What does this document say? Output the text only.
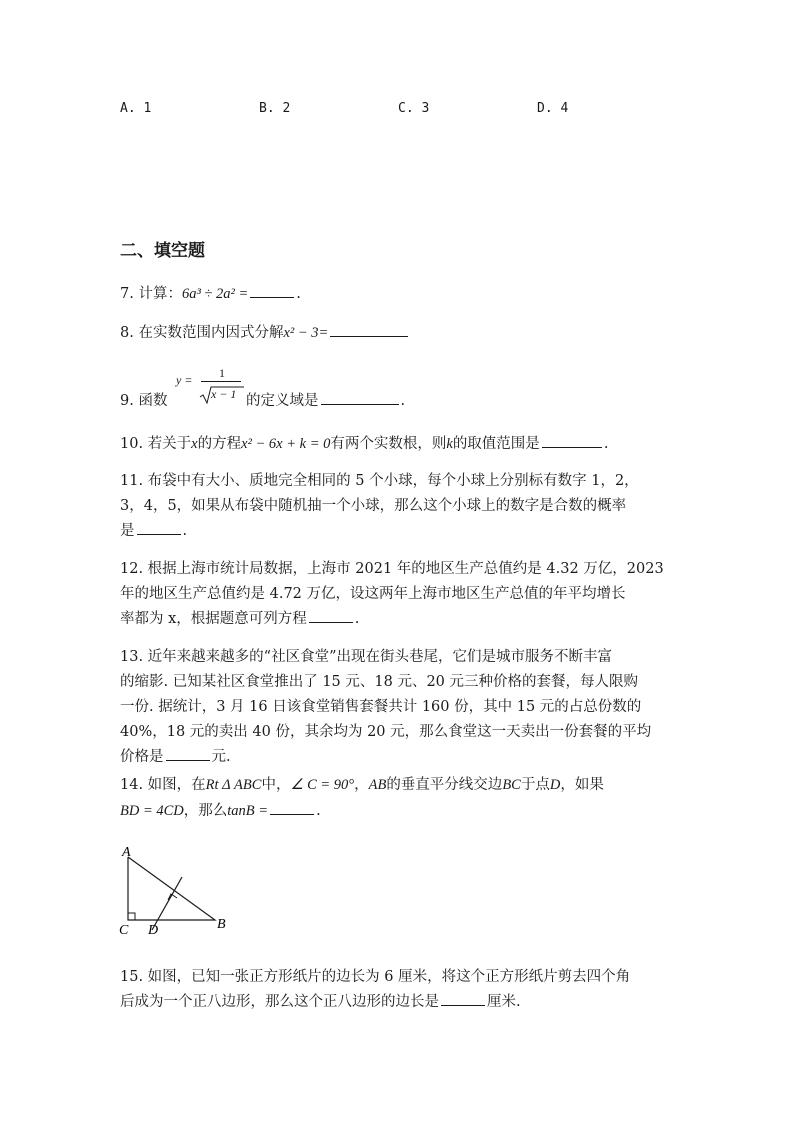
A. 1	B. 2	C. 3	D. 4
二、填空题
7. 计算：6a³ ÷ 2a² =	.
8. 在实数范围内因式分解x² − 3=
y = 1
x − 1
9. 函数	的定义域是	.
10. 若关于x的方程x² − 6x + k = 0有两个实数根，则k的取值范围是	.
11. 布袋中有大小、质地完全相同的 5 个小球，每个小球上分别标有数字 1，2，
3，4，5，如果从布袋中随机抽一个小球，那么这个小球上的数字是合数的概率
是	.
12. 根据上海市统计局数据，上海市 2021 年的地区生产总值约是 4.32 万亿，2023
年的地区生产总值约是 4.72 万亿，设这两年上海市地区生产总值的年平均增长
率都为 x，根据题意可列方程	.
13. 近年来越来越多的“社区食堂”出现在街头巷尾，它们是城市服务不断丰富
的缩影. 已知某社区食堂推出了 15 元、18 元、20 元三种价格的套餐，每人限购
一份. 据统计，3 月 16 日该食堂销售套餐共计 160 份，其中 15 元的占总份数的
40%，18 元的卖出 40 份，其余均为 20 元，那么食堂这一天卖出一份套餐的平均
价格是	元.
14. 如图，在Rt Δ ABC中，∠ C = 90°，AB的垂直平分线交边BC于点D，如果
BD = 4CD，那么tanB =	.
A
B
C D
15. 如图，已知一张正方形纸片的边长为 6 厘米，将这个正方形纸片剪去四个角
后成为一个正八边形，那么这个正八边形的边长是	厘米.
